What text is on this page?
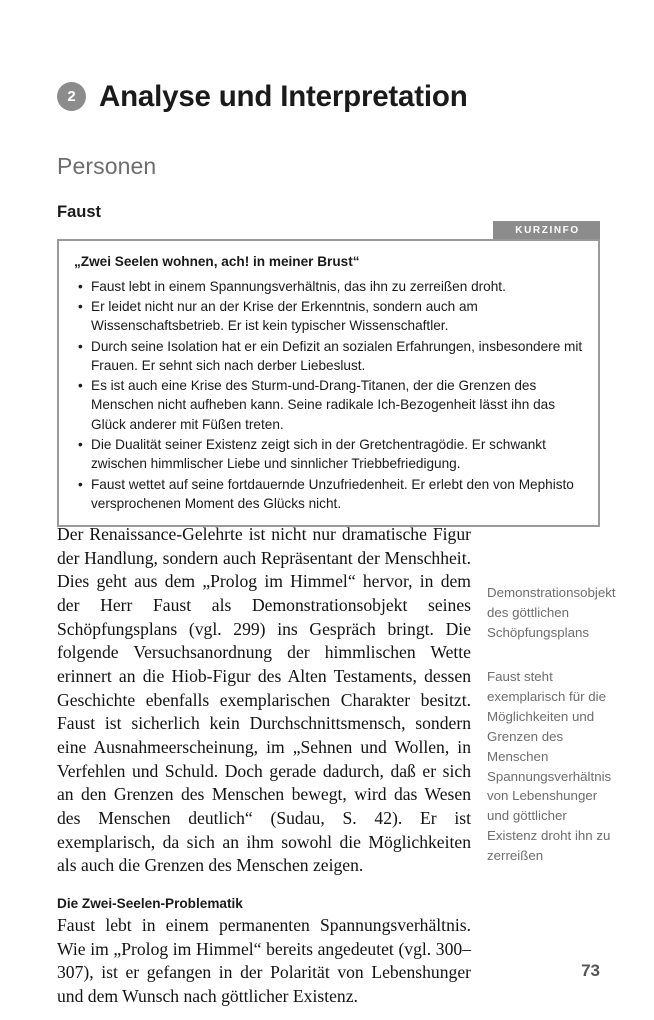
2 Analyse und Interpretation
Personen
Faust
KURZINFO

„Zwei Seelen wohnen, ach! in meiner Brust“

• Faust lebt in einem Spannungsverhältnis, das ihn zu zerreißen droht.
• Er leidet nicht nur an der Krise der Erkenntnis, sondern auch am Wissenschaftsbetrieb. Er ist kein typischer Wissenschaftler.
• Durch seine Isolation hat er ein Defizit an sozialen Erfahrungen, insbesondere mit Frauen. Er sehnt sich nach derber Liebeslust.
• Es ist auch eine Krise des Sturm-und-Drang-Titanen, der die Grenzen des Menschen nicht aufheben kann. Seine radikale Ich-Bezogenheit lässt ihn das Glück anderer mit Füßen treten.
• Die Dualität seiner Existenz zeigt sich in der Gretchentragödie. Er schwankt zwischen himmlischer Liebe und sinnlicher Triebbefriedigung.
• Faust wettet auf seine fortdauernde Unzufriedenheit. Er erlebt den von Mephisto versprochenen Moment des Glücks nicht.

Der Renaissance-Gelehrte ist nicht nur dramatische Figur der Handlung, sondern auch Repräsentant der Menschheit. Dies geht aus dem „Prolog im Himmel“ hervor, in dem der Herr Faust als Demonstrationsobjekt seines Schöpfungsplans (vgl. 299) ins Gespräch bringt. Die folgende Versuchsanordnung der himmlischen Wette erinnert an die Hiob-Figur des Alten Testaments, dessen Geschichte ebenfalls exemplarischen Charakter besitzt. Faust ist sicherlich kein Durchschnittsmensch, sondern eine Ausnahmeerscheinung, im „Sehnen und Wollen, in Verfehlen und Schuld. Doch gerade dadurch, daß er sich an den Grenzen des Menschen bewegt, wird das Wesen des Menschen deutlich“ (Sudau, S. 42). Er ist exemplarisch, da sich an ihm sowohl die Möglichkeiten als auch die Grenzen des Menschen zeigen.

Die Zwei-Seelen-Problematik

Faust lebt in einem permanenten Spannungsverhältnis. Wie im „Prolog im Himmel“ bereits angedeutet (vgl. 300–307), ist er gefangen in der Polarität von Lebenshunger und dem Wunsch nach göttlicher Existenz.

Demonstrationsobjekt des göttlichen Schöpfungsplans

Faust steht exemplarisch für die Möglichkeiten und Grenzen des Menschen Spannungsverhältnis von Lebenshunger und göttlicher Existenz droht ihn zu zerreißen

73
